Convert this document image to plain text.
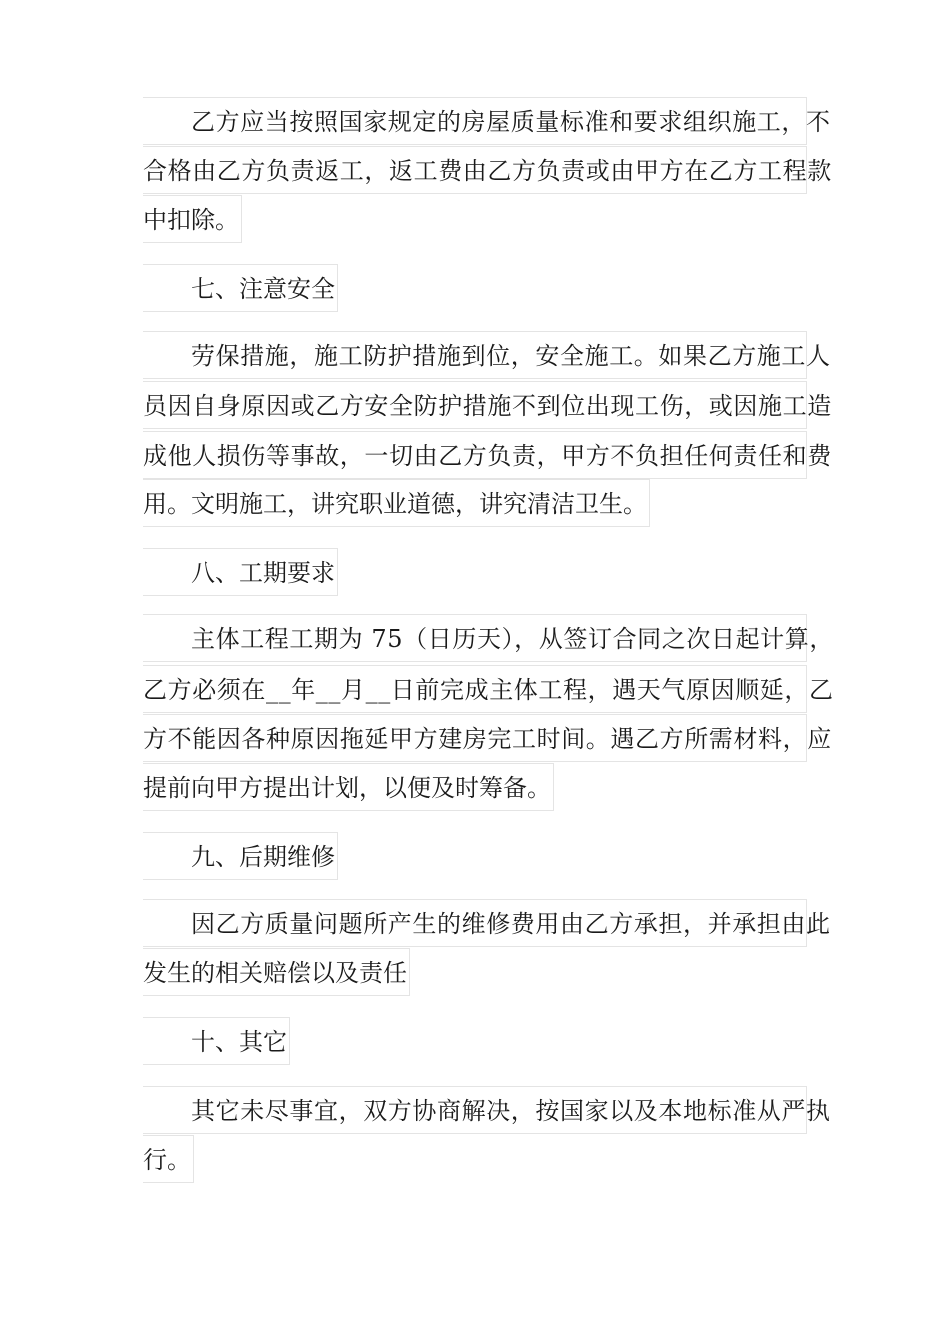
乙方应当按照国家规定的房屋质量标准和要求组织施工，不
合格由乙方负责返工，返工费由乙方负责或由甲方在乙方工程款
中扣除。
七、注意安全
劳保措施，施工防护措施到位，安全施工。如果乙方施工人
员因自身原因或乙方安全防护措施不到位出现工伤，或因施工造
成他人损伤等事故，一切由乙方负责，甲方不负担任何责任和费
用。文明施工，讲究职业道德，讲究清洁卫生。
八、工期要求
主体工程工期为 75（日历天），从签订合同之次日起计算，
乙方必须在__年__月__日前完成主体工程，遇天气原因顺延，乙
方不能因各种原因拖延甲方建房完工时间。遇乙方所需材料，应
提前向甲方提出计划，以便及时筹备。
九、后期维修
因乙方质量问题所产生的维修费用由乙方承担，并承担由此
发生的相关赔偿以及责任
十、其它
其它未尽事宜，双方协商解决，按国家以及本地标准从严执
行。
